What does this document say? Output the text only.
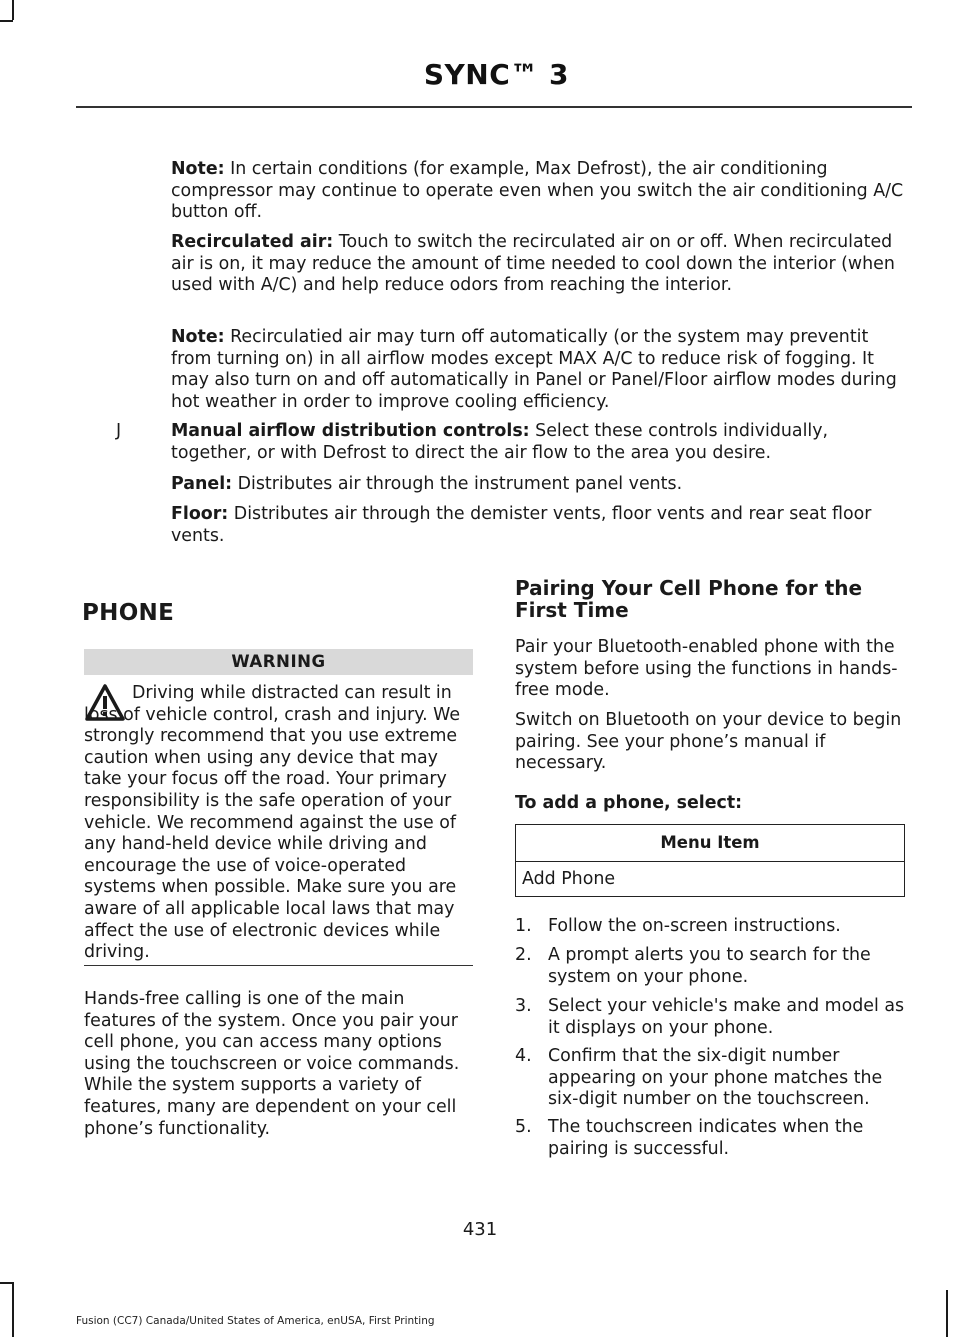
SYNC™ 3

Note: In certain conditions (for example, Max Defrost), the air conditioning compressor may continue to operate even when you switch the air conditioning A/C button off.

Recirculated air: Touch to switch the recirculated air on or off. When recirculated air is on, it may reduce the amount of time needed to cool down the interior (when used with A/C) and help reduce odors from reaching the interior.

Note: Recirculatied air may turn off automatically (or the system may preventit from turning on) in all airflow modes except MAX A/C to reduce risk of fogging. It may also turn on and off automatically in Panel or Panel/Floor airflow modes during hot weather in order to improve cooling efficiency.

J	Manual airflow distribution controls: Select these controls individually, together, or with Defrost to direct the air flow to the area you desire.

Panel: Distributes air through the instrument panel vents.

Floor: Distributes air through the demister vents, floor vents and rear seat floor vents.

PHONE
WARNING

Driving while distracted can result in loss of vehicle control, crash and injury. We strongly recommend that you use extreme caution when using any device that may take your focus off the road. Your primary responsibility is the safe operation of your vehicle. We recommend against the use of any hand-held device while driving and encourage the use of voice-operated systems when possible. Make sure you are aware of all applicable local laws that may affect the use of electronic devices while driving.

Hands-free calling is one of the main features of the system. Once you pair your cell phone, you can access many options using the touchscreen or voice commands. While the system supports a variety of features, many are dependent on your cell phone’s functionality.

Pairing Your Cell Phone for the First Time

Pair your Bluetooth-enabled phone with the system before using the functions in hands-free mode.

Switch on Bluetooth on your device to begin pairing. See your phone’s manual if necessary.

To add a phone, select:

Menu Item
Add Phone
1. Follow the on-screen instructions.
2. A prompt alerts you to search for the system on your phone.
3. Select your vehicle's make and model as it displays on your phone.
4. Confirm that the six-digit number appearing on your phone matches the six-digit number on the touchscreen.
5. The touchscreen indicates when the pairing is successful.
431
Fusion (CC7) Canada/United States of America, enUSA, First Printing
